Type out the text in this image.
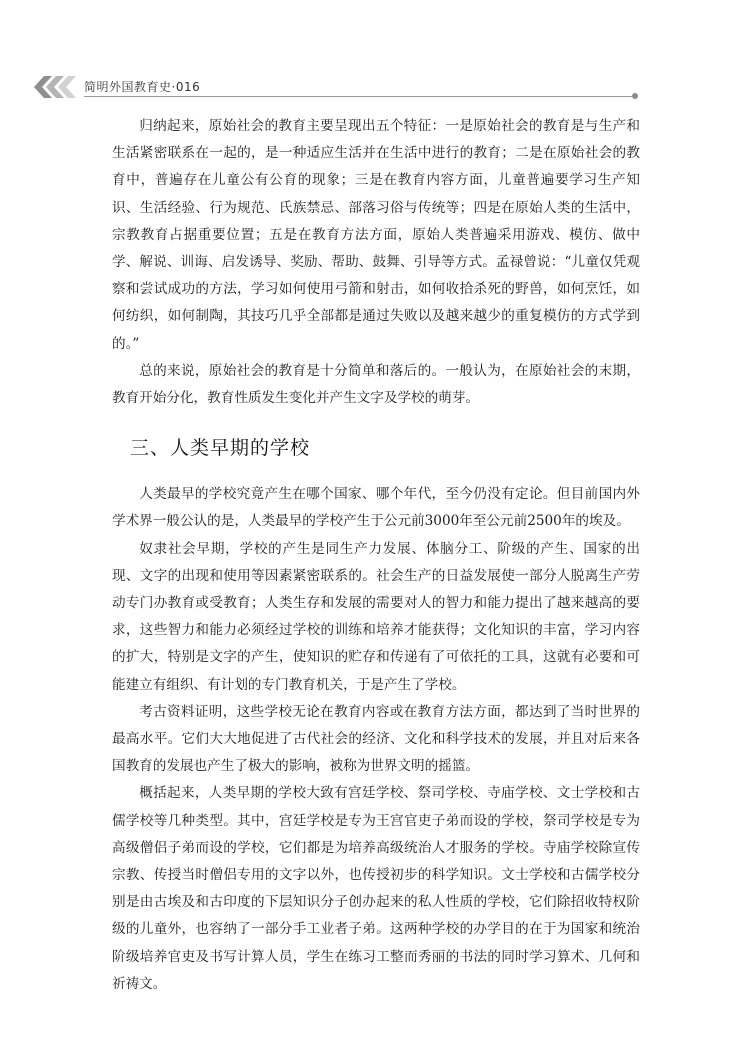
简明外国教育史·016

归纳起来，原始社会的教育主要呈现出五个特征：一是原始社会的教育是与生产和生活紧密联系在一起的，是一种适应生活并在生活中进行的教育；二是在原始社会的教育中，普遍存在儿童公有公育的现象；三是在教育内容方面，儿童普遍要学习生产知识、生活经验、行为规范、氏族禁忌、部落习俗与传统等；四是在原始人类的生活中，宗教教育占据重要位置；五是在教育方法方面，原始人类普遍采用游戏、模仿、做中学、解说、训诲、启发诱导、奖励、帮助、鼓舞、引导等方式。孟禄曾说：“儿童仅凭观察和尝试成功的方法，学习如何使用弓箭和射击，如何收拾杀死的野兽，如何烹饪，如何纺织，如何制陶，其技巧几乎全部都是通过失败以及越来越少的重复模仿的方式学到的。”

总的来说，原始社会的教育是十分简单和落后的。一般认为，在原始社会的末期，教育开始分化，教育性质发生变化并产生文字及学校的萌芽。

三、人类早期的学校

人类最早的学校究竟产生在哪个国家、哪个年代，至今仍没有定论。但目前国内外学术界一般公认的是，人类最早的学校产生于公元前3000年至公元前2500年的埃及。

奴隶社会早期，学校的产生是同生产力发展、体脑分工、阶级的产生、国家的出现、文字的出现和使用等因素紧密联系的。社会生产的日益发展使一部分人脱离生产劳动专门办教育或受教育；人类生存和发展的需要对人的智力和能力提出了越来越高的要求，这些智力和能力必须经过学校的训练和培养才能获得；文化知识的丰富，学习内容的扩大，特别是文字的产生，使知识的贮存和传递有了可依托的工具，这就有必要和可能建立有组织、有计划的专门教育机关，于是产生了学校。

考古资料证明，这些学校无论在教育内容或在教育方法方面，都达到了当时世界的最高水平。它们大大地促进了古代社会的经济、文化和科学技术的发展，并且对后来各国教育的发展也产生了极大的影响，被称为世界文明的摇篮。

概括起来，人类早期的学校大致有宫廷学校、祭司学校、寺庙学校、文士学校和古儒学校等几种类型。其中，宫廷学校是专为王宫官吏子弟而设的学校，祭司学校是专为高级僧侣子弟而设的学校，它们都是为培养高级统治人才服务的学校。寺庙学校除宣传宗教、传授当时僧侣专用的文字以外，也传授初步的科学知识。文士学校和古儒学校分别是由古埃及和古印度的下层知识分子创办起来的私人性质的学校，它们除招收特权阶级的儿童外，也容纳了一部分手工业者子弟。这两种学校的办学目的在于为国家和统治阶级培养官吏及书写计算人员，学生在练习工整而秀丽的书法的同时学习算术、几何和祈祷文。
